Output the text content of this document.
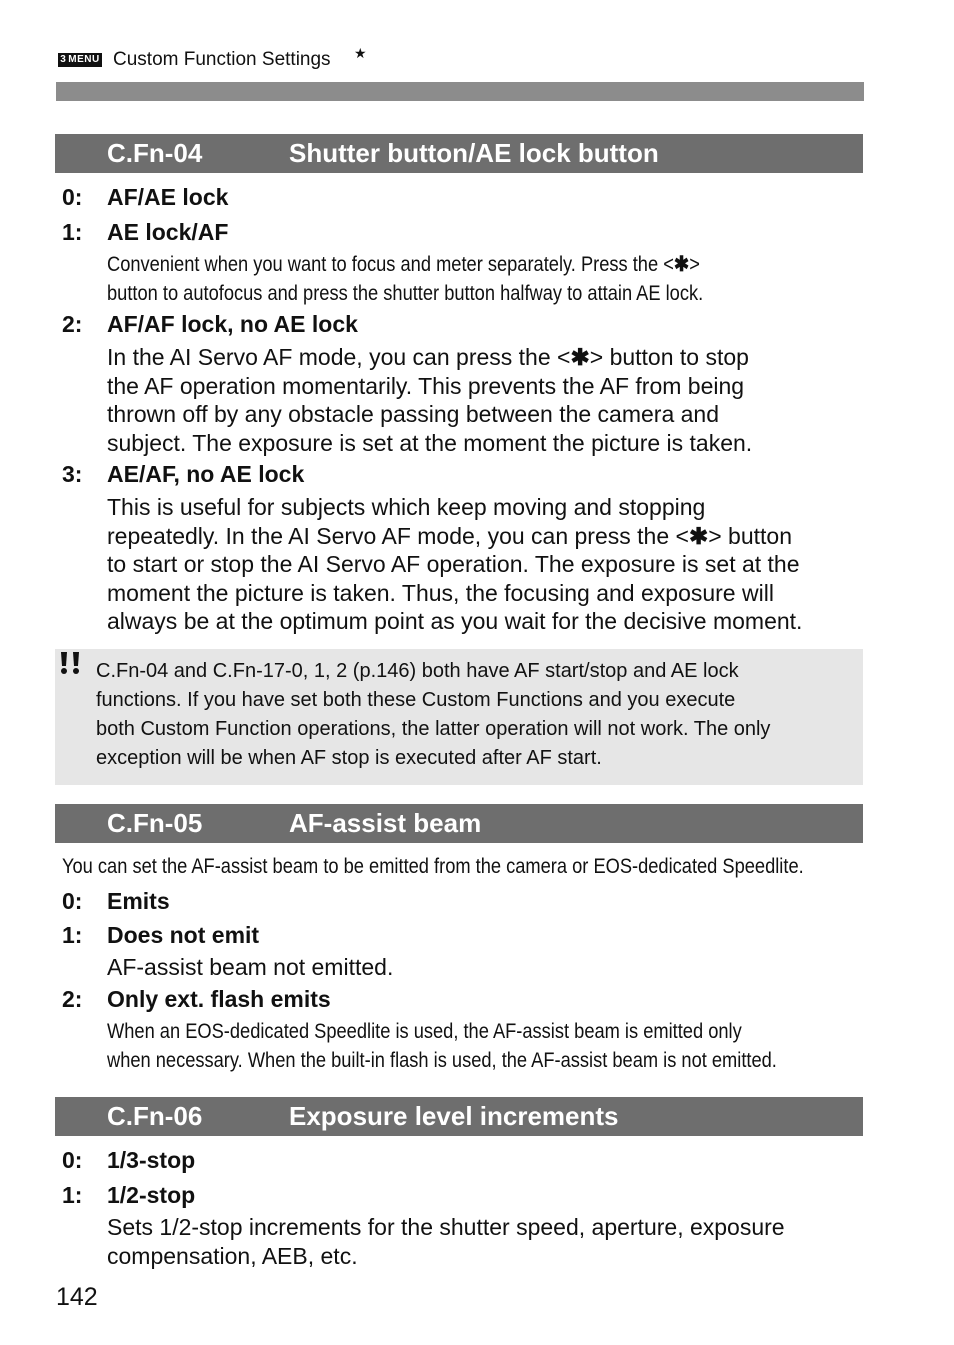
3 MENU Custom Function Settings ★
C.Fn-04	Shutter button/AE lock button
0: AF/AE lock
1: AE lock/AF
Convenient when you want to focus and meter separately. Press the <✱>
button to autofocus and press the shutter button halfway to attain AE lock.
2: AF/AF lock, no AE lock
In the AI Servo AF mode, you can press the <✱> button to stop
the AF operation momentarily. This prevents the AF from being
thrown off by any obstacle passing between the camera and
subject. The exposure is set at the moment the picture is taken.
3: AE/AF, no AE lock
This is useful for subjects which keep moving and stopping
repeatedly. In the AI Servo AF mode, you can press the <✱> button
to start or stop the AI Servo AF operation. The exposure is set at the
moment the picture is taken. Thus, the focusing and exposure will
always be at the optimum point as you wait for the decisive moment.
C.Fn-04 and C.Fn-17-0, 1, 2 (p.146) both have AF start/stop and AE lock
functions. If you have set both these Custom Functions and you execute
both Custom Function operations, the latter operation will not work. The only
exception will be when AF stop is executed after AF start.
C.Fn-05	AF-assist beam
You can set the AF-assist beam to be emitted from the camera or EOS-dedicated Speedlite.
0: Emits
1: Does not emit
AF-assist beam not emitted.
2: Only ext. flash emits
When an EOS-dedicated Speedlite is used, the AF-assist beam is emitted only
when necessary. When the built-in flash is used, the AF-assist beam is not emitted.
C.Fn-06	Exposure level increments
0: 1/3-stop
1: 1/2-stop
Sets 1/2-stop increments for the shutter speed, aperture, exposure
compensation, AEB, etc.
142
